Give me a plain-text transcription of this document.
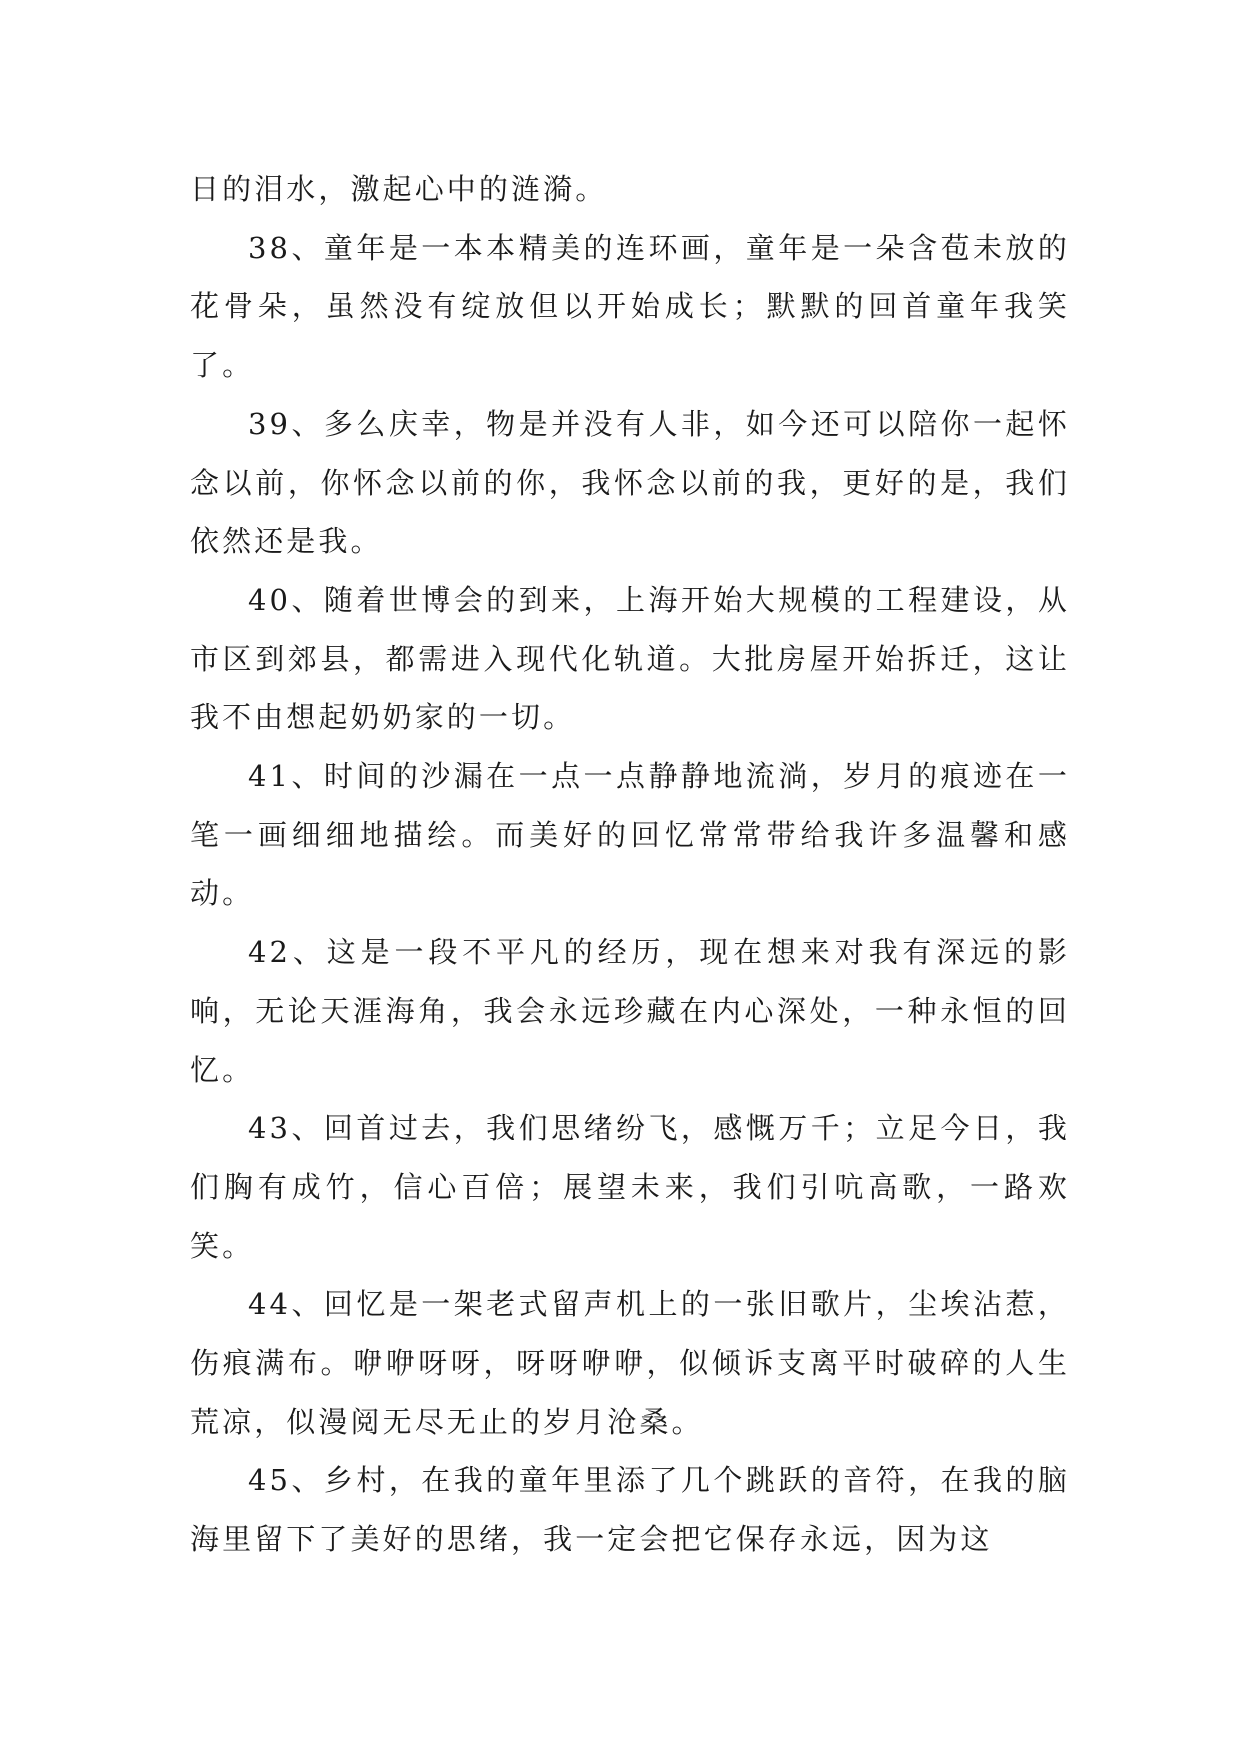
日的泪水，激起心中的涟漪。

38、童年是一本本精美的连环画，童年是一朵含苞未放的花骨朵，虽然没有绽放但以开始成长；默默的回首童年我笑了。

39、多么庆幸，物是并没有人非，如今还可以陪你一起怀念以前，你怀念以前的你，我怀念以前的我，更好的是，我们依然还是我。

40、随着世博会的到来，上海开始大规模的工程建设，从市区到郊县，都需进入现代化轨道。大批房屋开始拆迁，这让我不由想起奶奶家的一切。

41、时间的沙漏在一点一点静静地流淌，岁月的痕迹在一笔一画细细地描绘。而美好的回忆常常带给我许多温馨和感动。

42、这是一段不平凡的经历，现在想来对我有深远的影响，无论天涯海角，我会永远珍藏在内心深处，一种永恒的回忆。

43、回首过去，我们思绪纷飞，感慨万千；立足今日，我们胸有成竹，信心百倍；展望未来，我们引吭高歌，一路欢笑。

44、回忆是一架老式留声机上的一张旧歌片，尘埃沾惹，伤痕满布。咿咿呀呀，呀呀咿咿，似倾诉支离平时破碎的人生荒凉，似漫阅无尽无止的岁月沧桑。

45、乡村，在我的童年里添了几个跳跃的音符，在我的脑海里留下了美好的思绪，我一定会把它保存永远，因为这
